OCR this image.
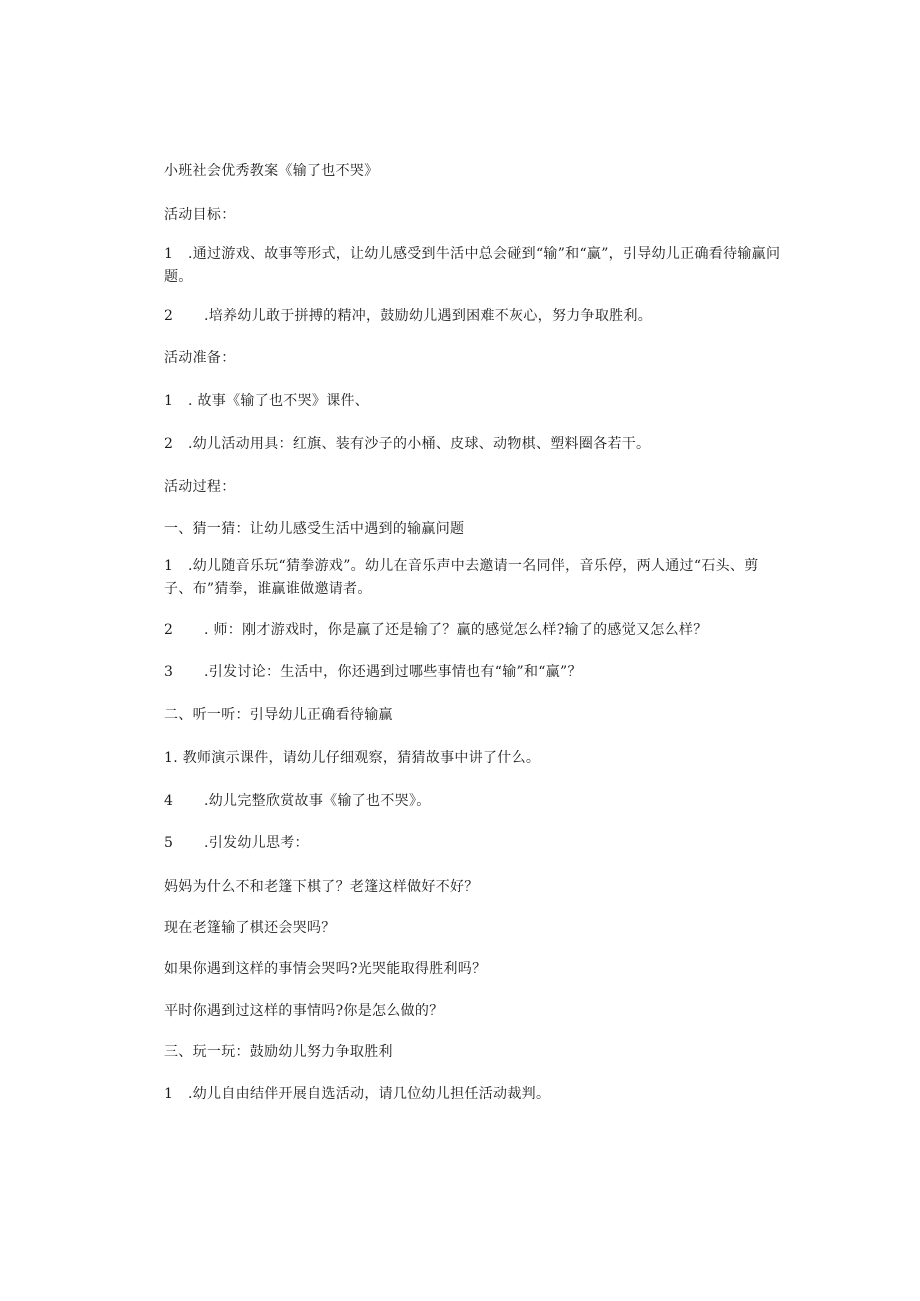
小班社会优秀教案《输了也不哭》
活动目标：
1 .通过游戏、故事等形式，让幼儿感受到牛活中总会碰到“输”和“赢”，引导幼儿正确看待输赢问题。
2 .培养幼儿敢于拼搏的精冲，鼓励幼儿遇到困难不灰心，努力争取胜利。
活动准备：
1 . 故事《输了也不哭》课件、
2 .幼儿活动用具：红旗、装有沙子的小桶、皮球、动物棋、塑料圈各若干。
活动过程：
一、猜一猜：让幼儿感受生活中遇到的输赢问题
1 .幼儿随音乐玩“猜拳游戏”。幼儿在音乐声中去邀请一名同伴，音乐停，两人通过“石头、剪子、布”猜拳，谁赢谁做邀请者。
2 . 师：刚才游戏时，你是赢了还是输了？赢的感觉怎么样?输了的感觉又怎么样？
3 .引发讨论：生活中，你还遇到过哪些事情也有“输”和“赢”？
二、听一听：引导幼儿正确看待输赢
1. 教师演示课件，请幼儿仔细观察，猜猜故事中讲了什么。
4 .幼儿完整欣赏故事《输了也不哭》。
5 .引发幼儿思考：
妈妈为什么不和老篷下棋了？老篷这样做好不好？
现在老篷输了棋还会哭吗？
如果你遇到这样的事情会哭吗?光哭能取得胜利吗？
平时你遇到过这样的事情吗?你是怎么做的？
三、玩一玩：鼓励幼儿努力争取胜利
1 .幼儿自由结伴开展自选活动，请几位幼儿担任活动裁判。
